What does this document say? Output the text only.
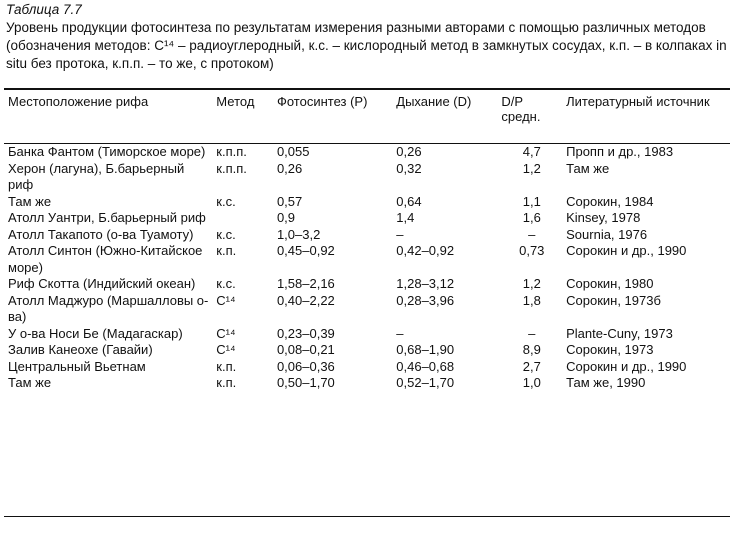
Таблица 7.7
Уровень продукции фотосинтеза по результатам измерения разными авторами с помощью различных методов (обозначения методов: C¹⁴ – радиоуглеродный, к.с. – кислородный метод в замкнутых сосудах, к.п. – в колпаках in situ без протока, к.п.п. – то же, с протоком)
Местоположение рифа	Метод	Фотосинтез (P)	Дыхание (D)	D/P средн.	Литературный источник
Банка Фантом (Тиморское море)	к.п.п.	0,055	0,26	4,7	Пропп и др., 1983
Херон (лагуна), Б.барьерный риф	к.п.п.	0,26	0,32	1,2	Там же
Там же	к.с.	0,57	0,64	1,1	Сорокин, 1984
Атолл Уантри, Б.барьерный риф		0,9	1,4	1,6	Kinsey, 1978
Атолл Такапото (о-ва Туамоту)	к.с.	1,0–3,2	–	–	Sournia, 1976
Атолл Синтон (Южно-Китайское море)	к.п.	0,45–0,92	0,42–0,92	0,73	Сорокин и др., 1990
Риф Скотта (Индийский океан)	к.с.	1,58–2,16	1,28–3,12	1,2	Сорокин, 1980
Атолл Маджуро (Маршалловы о-ва)	C¹⁴	0,40–2,22	0,28–3,96	1,8	Сорокин, 1973б
У о-ва Носи Бе (Мадагаскар)	C¹⁴	0,23–0,39	–	–	Plante-Cuny, 1973
Залив Канеохе (Гавайи)	C¹⁴	0,08–0,21	0,68–1,90	8,9	Сорокин, 1973
Центральный Вьетнам	к.п.	0,06–0,36	0,46–0,68	2,7	Сорокин и др., 1990
Там же	к.п.	0,50–1,70	0,52–1,70	1,0	Там же, 1990
